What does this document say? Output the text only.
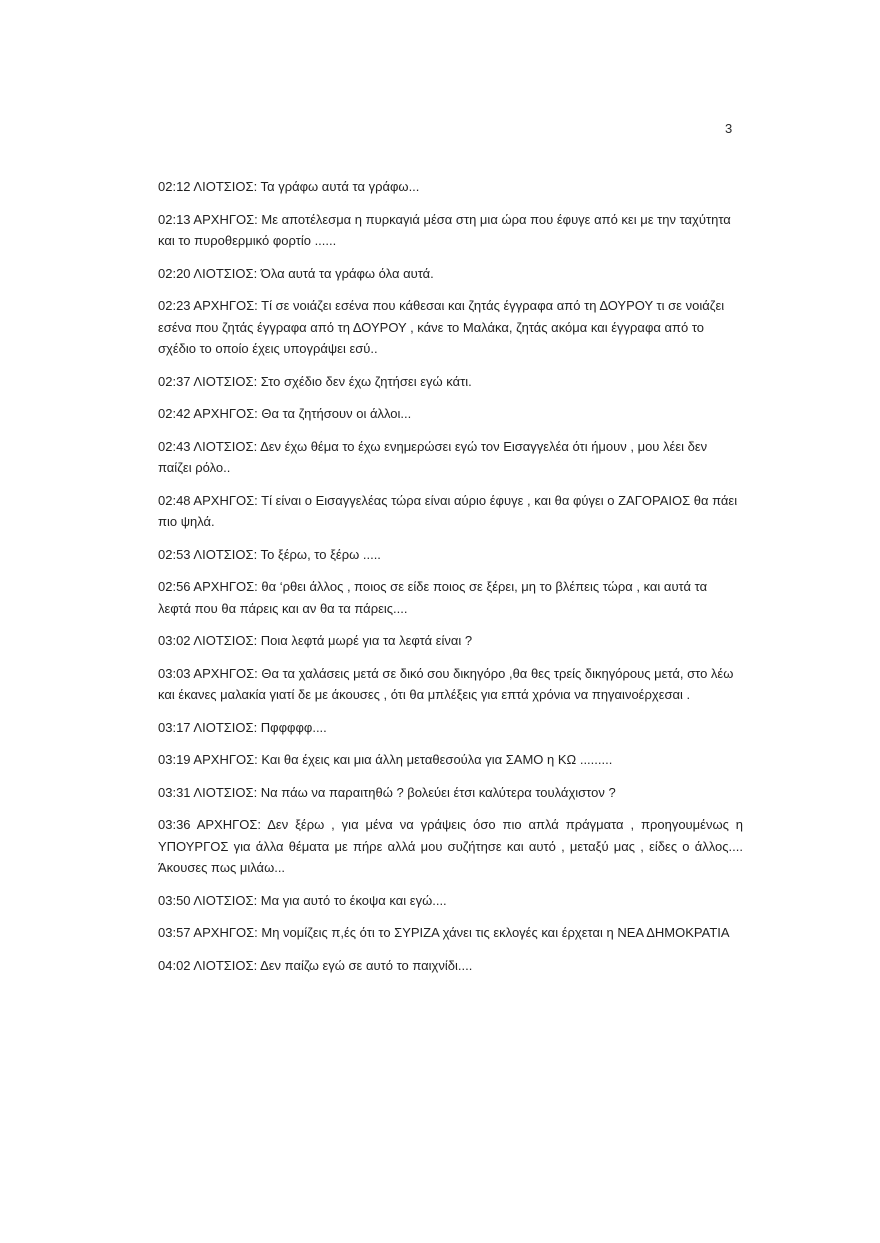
3

02:12 ΛΙΟΤΣΙΟΣ: Τα γράφω αυτά τα γράφω...

02:13 ΑΡΧΗΓΟΣ: Με αποτέλεσμα η πυρκαγιά μέσα στη μια ώρα που έφυγε από κει με την ταχύτητα και το πυροθερμικό φορτίο ......

02:20 ΛΙΟΤΣΙΟΣ: Όλα αυτά τα γράφω όλα αυτά.

02:23 ΑΡΧΗΓΟΣ: Τί σε νοιάζει εσένα που κάθεσαι και ζητάς έγγραφα από τη ΔΟΥΡΟΥ τι σε νοιάζει εσένα που ζητάς έγγραφα από τη ΔΟΥΡΟΥ , κάνε το Μαλάκα, ζητάς ακόμα και έγγραφα από το σχέδιο το οποίο έχεις υπογράψει εσύ..

02:37 ΛΙΟΤΣΙΟΣ: Στο σχέδιο δεν έχω ζητήσει εγώ κάτι.

02:42 ΑΡΧΗΓΟΣ: Θα τα ζητήσουν οι άλλοι...

02:43 ΛΙΟΤΣΙΟΣ: Δεν έχω θέμα το έχω ενημερώσει εγώ τον Εισαγγελέα ότι ήμουν , μου λέει δεν παίζει ρόλο..

02:48 ΑΡΧΗΓΟΣ: Τί είναι ο Εισαγγελέας τώρα είναι αύριο έφυγε , και θα φύγει ο ΖΑΓΟΡΑΙΟΣ θα πάει πιο ψηλά.

02:53 ΛΙΟΤΣΙΟΣ: Το ξέρω, το ξέρω .....

02:56 ΑΡΧΗΓΟΣ: θα ‘ρθει άλλος , ποιος σε είδε ποιος σε ξέρει, μη το βλέπεις τώρα , και αυτά τα λεφτά που θα πάρεις και αν θα τα πάρεις....

03:02 ΛΙΟΤΣΙΟΣ: Ποια λεφτά μωρέ για τα λεφτά είναι ?

03:03 ΑΡΧΗΓΟΣ: Θα τα χαλάσεις μετά σε δικό σου δικηγόρο ,θα θες τρείς δικηγόρους μετά, στο λέω και έκανες μαλακία γιατί δε με άκουσες , ότι θα μπλέξεις για επτά χρόνια να πηγαινοέρχεσαι .

03:17 ΛΙΟΤΣΙΟΣ: Πφφφφφ....

03:19 ΑΡΧΗΓΟΣ: Και θα έχεις και μια άλλη μεταθεσούλα για ΣΑΜΟ η ΚΩ .........

03:31 ΛΙΟΤΣΙΟΣ: Να πάω να παραιτηθώ ? βολεύει έτσι καλύτερα τουλάχιστον ?

03:36 ΑΡΧΗΓΟΣ: Δεν ξέρω , για μένα να γράψεις όσο πιο απλά πράγματα , προηγουμένως η ΥΠΟΥΡΓΟΣ για άλλα θέματα με πήρε αλλά μου συζήτησε και αυτό , μεταξύ μας , είδες ο άλλος.... Άκουσες πως μιλάω...

03:50 ΛΙΟΤΣΙΟΣ: Μα για αυτό το έκοψα και εγώ....

03:57 ΑΡΧΗΓΟΣ: Μη νομίζεις π,ές ότι το ΣΥΡΙΖΑ χάνει τις εκλογές και έρχεται η ΝΕΑ ΔΗΜΟΚΡΑΤΙΑ

04:02 ΛΙΟΤΣΙΟΣ: Δεν παίζω εγώ σε αυτό το παιχνίδι....
